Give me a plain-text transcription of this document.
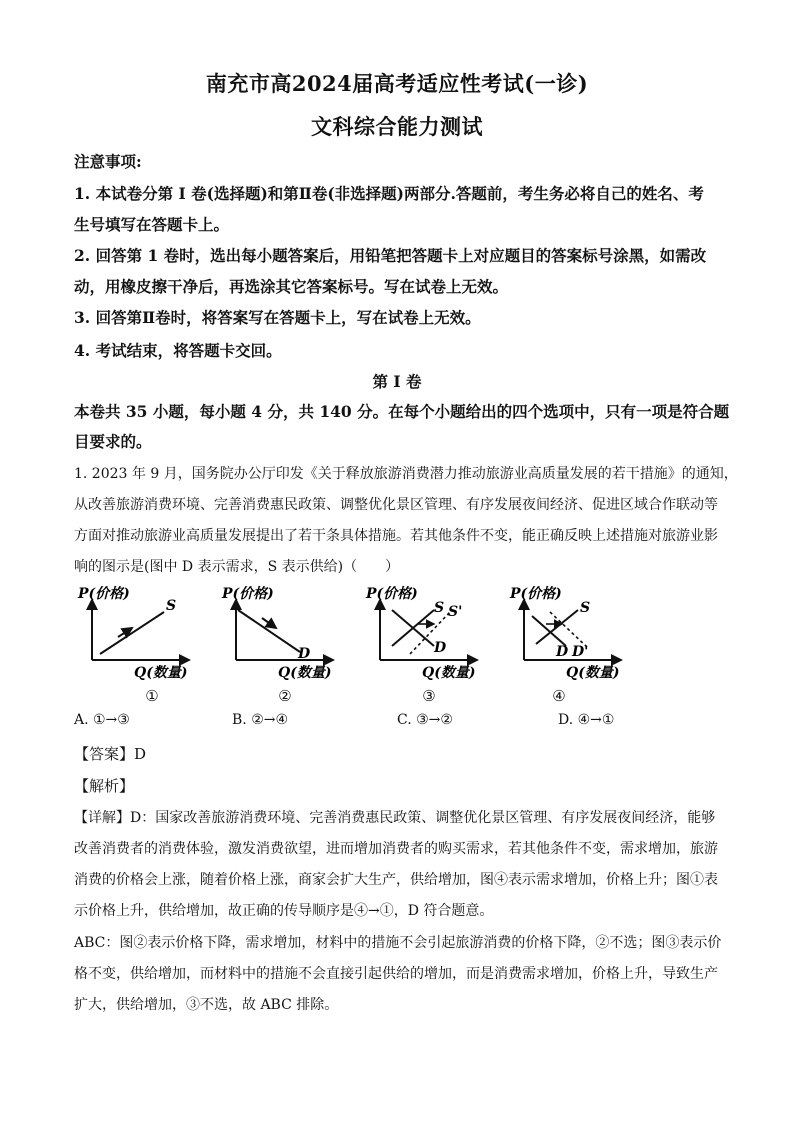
南充市高2024届高考适应性考试(一诊)
文科综合能力测试
注意事项:
1. 本试卷分第 I 卷(选择题)和第Ⅱ卷(非选择题)两部分.答题前，考生务必将自己的姓名、考
生号填写在答题卡上。
2. 回答第 1 卷时，选出每小题答案后，用铅笔把答题卡上对应题目的答案标号涂黑，如需改
动，用橡皮擦干净后，再选涂其它答案标号。写在试卷上无效。
3. 回答第Ⅱ卷时，将答案写在答题卡上，写在试卷上无效。
4. 考试结束，将答题卡交回。
第 I 卷
本卷共 35 小题，每小题 4 分，共 140 分。在每个小题给出的四个选项中，只有一项是符合题
目要求的。
1. 2023 年 9 月，国务院办公厅印发《关于释放旅游消费潜力推动旅游业高质量发展的若干措施》的通知，
从改善旅游消费环境、完善消费惠民政策、调整优化景区管理、有序发展夜间经济、促进区域合作联动等
方面对推动旅游业高质量发展提出了若干条具体措施。若其他条件不变，能正确反映上述措施对旅游业影
响的图示是(图中 D 表示需求，S 表示供给)（　　）
P(价格)
Q(数量)
S
①
P(价格)
Q(数量)
D
②
P(价格)
Q(数量)
S S'
D
③
P(价格)
Q(数量)
S
D D'
④
A. ①→③	B. ②→④	C. ③→②	D. ④→①
【答案】D
【解析】
【详解】D：国家改善旅游消费环境、完善消费惠民政策、调整优化景区管理、有序发展夜间经济，能够
改善消费者的消费体验，激发消费欲望，进而增加消费者的购买需求，若其他条件不变，需求增加，旅游
消费的价格会上涨，随着价格上涨，商家会扩大生产，供给增加，图④表示需求增加，价格上升；图①表
示价格上升，供给增加，故正确的传导顺序是④→①，D 符合题意。
ABC：图②表示价格下降，需求增加，材料中的措施不会引起旅游消费的价格下降，②不选；图③表示价
格不变，供给增加，而材料中的措施不会直接引起供给的增加，而是消费需求增加，价格上升，导致生产
扩大，供给增加，③不选，故 ABC 排除。
